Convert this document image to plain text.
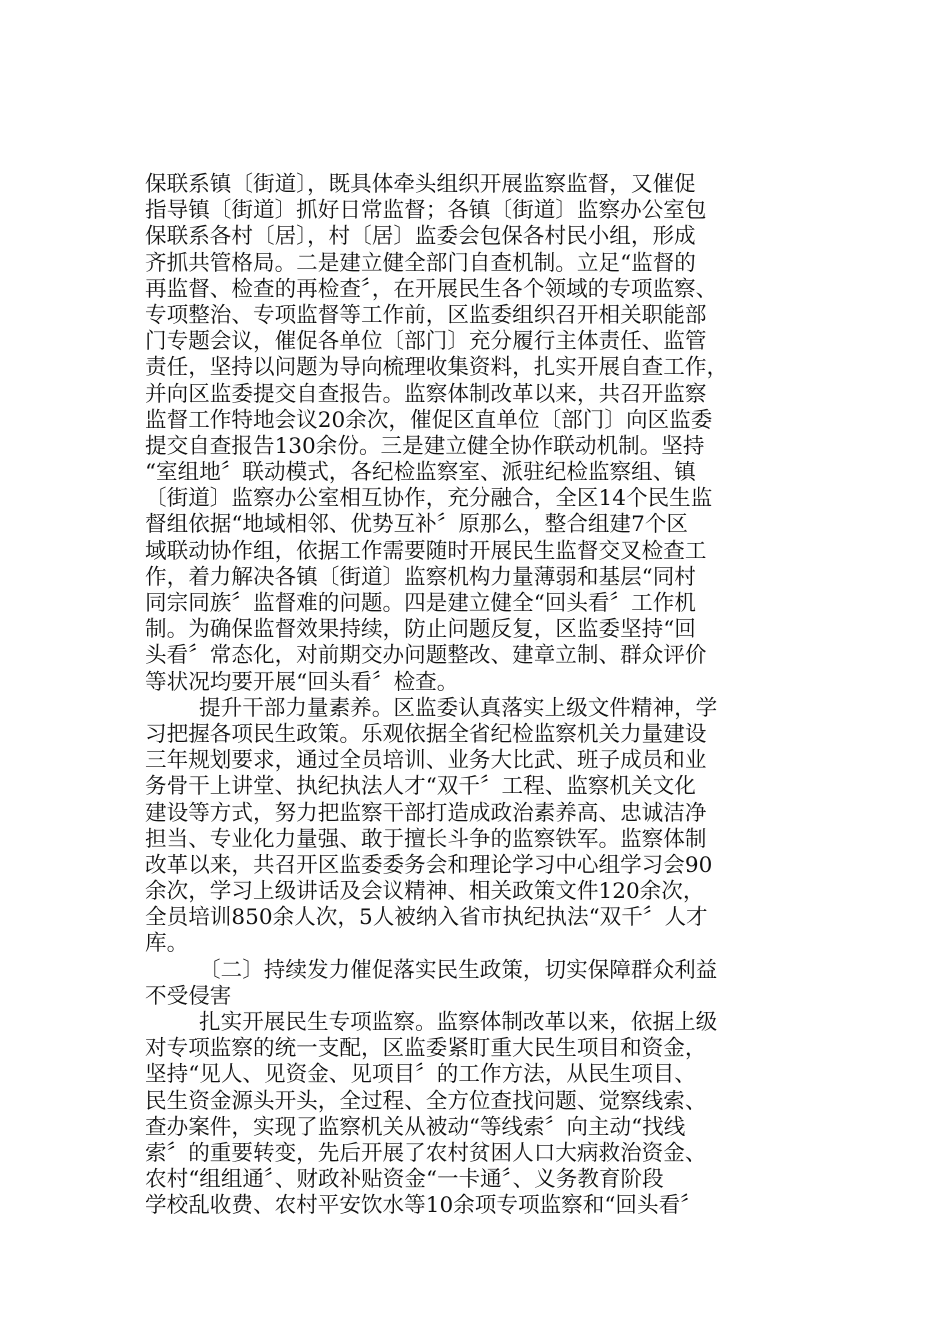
保联系镇〔街道〕，既具体牵头组织开展监察监督，又催促
指导镇〔街道〕抓好日常监督；各镇〔街道〕监察办公室包
保联系各村〔居〕，村〔居〕监委会包保各村民小组，形成
齐抓共管格局。二是建立健全部门自查机制。立足“监督的
再监督、检查的再检查〞，在开展民生各个领域的专项监察、
专项整治、专项监督等工作前，区监委组织召开相关职能部
门专题会议，催促各单位〔部门〕充分履行主体责任、监管
责任，坚持以问题为导向梳理收集资料，扎实开展自查工作，
并向区监委提交自查报告。监察体制改革以来，共召开监察
监督工作特地会议20余次，催促区直单位〔部门〕向区监委
提交自查报告130余份。三是建立健全协作联动机制。坚持
“室组地〞联动模式，各纪检监察室、派驻纪检监察组、镇
〔街道〕监察办公室相互协作，充分融合，全区14个民生监
督组依据“地域相邻、优势互补〞原那么，整合组建7个区
域联动协作组，依据工作需要随时开展民生监督交叉检查工
作，着力解决各镇〔街道〕监察机构力量薄弱和基层“同村
同宗同族〞监督难的问题。四是建立健全“回头看〞工作机
制。为确保监督效果持续，防止问题反复，区监委坚持“回
头看〞常态化，对前期交办问题整改、建章立制、群众评价
等状况均要开展“回头看〞检查。
提升干部力量素养。区监委认真落实上级文件精神，学
习把握各项民生政策。乐观依据全省纪检监察机关力量建设
三年规划要求，通过全员培训、业务大比武、班子成员和业
务骨干上讲堂、执纪执法人才“双千〞工程、监察机关文化
建设等方式，努力把监察干部打造成政治素养高、忠诚洁净
担当、专业化力量强、敢于擅长斗争的监察铁军。监察体制
改革以来，共召开区监委委务会和理论学习中心组学习会90
余次，学习上级讲话及会议精神、相关政策文件120余次，
全员培训850余人次，5人被纳入省市执纪执法“双千〞人才
库。
〔二〕持续发力催促落实民生政策，切实保障群众利益
不受侵害
扎实开展民生专项监察。监察体制改革以来，依据上级
对专项监察的统一支配，区监委紧盯重大民生项目和资金，
坚持“见人、见资金、见项目〞的工作方法，从民生项目、
民生资金源头开头，全过程、全方位查找问题、觉察线索、
查办案件，实现了监察机关从被动“等线索〞向主动“找线
索〞的重要转变，先后开展了农村贫困人口大病救治资金、
农村“组组通〞、财政补贴资金“一卡通〞、义务教育阶段
学校乱收费、农村平安饮水等10余项专项监察和“回头看〞
